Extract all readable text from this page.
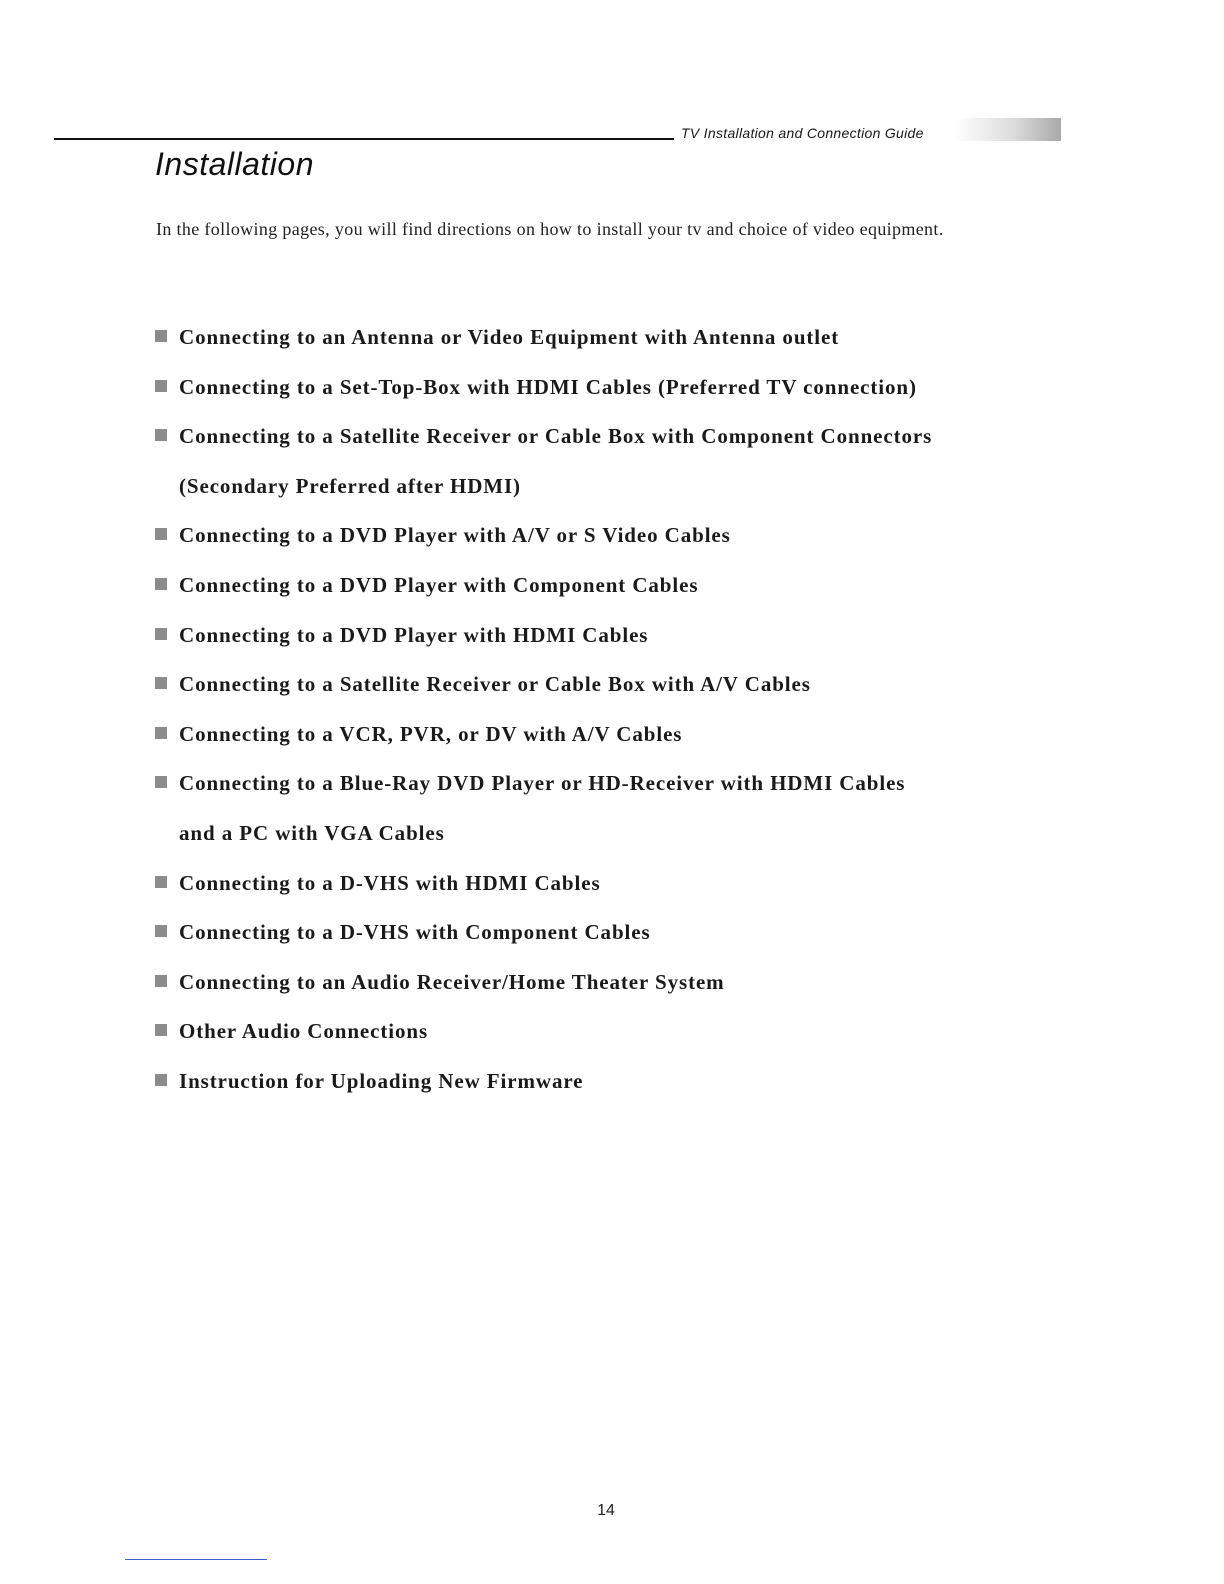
TV Installation and Connection Guide
Installation

In the following pages, you will find directions on how to install your tv and choice of video equipment.

Connecting to an Antenna or Video Equipment with Antenna outlet
Connecting to a Set-Top-Box with HDMI Cables (Preferred TV connection)
Connecting to a Satellite Receiver or Cable Box with Component Connectors
(Secondary Preferred after HDMI)
Connecting to a DVD Player with A/V or S Video Cables
Connecting to a DVD Player with Component Cables
Connecting to a DVD Player with HDMI Cables
Connecting to a Satellite Receiver or Cable Box with A/V Cables
Connecting to a VCR, PVR, or DV with A/V Cables
Connecting to a Blue-Ray DVD Player or HD-Receiver with HDMI Cables
and a PC with VGA Cables
Connecting to a D-VHS with HDMI Cables
Connecting to a D-VHS with Component Cables
Connecting to an Audio Receiver/Home Theater System
Other Audio Connections
Instruction for Uploading New Firmware
14
